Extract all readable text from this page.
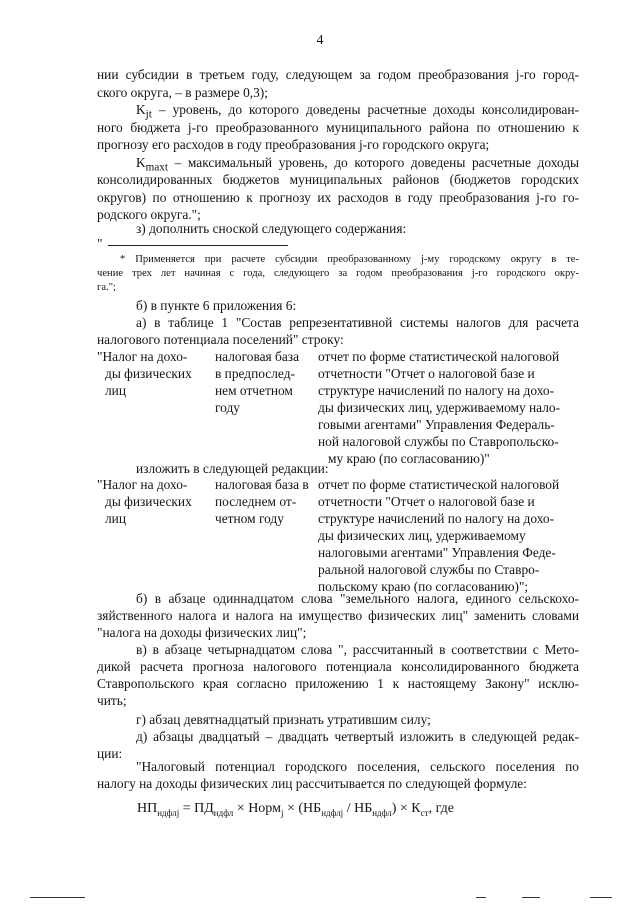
4
нии субсидии в третьем году, следующем за годом преобразования j-го город-
ского округа, – в размере 0,3);
$K_{jt}$ – уровень, до которого доведены расчетные доходы консолидирован-
ного бюджета j-го преобразованного муниципального района по отношению к
прогнозу его расходов в году преобразования j-го городского округа;
$K_{maxt}$ – максимальный уровень, до которого доведены расчетные доходы
консолидированных бюджетов муниципальных районов (бюджетов городских
округов) по отношению к прогнозу их расходов в году преобразования j-го го-
родского округа.";
з) дополнить сноской следующего содержания:
"
* Применяется при расчете субсидии преобразованному j-му городскому округу в те-
чение трех лет начиная с года, следующего за годом преобразования j-го городского окру-
га.";
б) в пункте 6 приложения 6:
а) в таблице 1 "Состав репрезентативной системы налогов для расчета
налогового потенциала поселений" строку:
"Налог на дохо-
ды физических
лиц
налоговая база
в предпослед-
нем отчетном
году
отчет по форме статистической налоговой
отчетности "Отчет о налоговой базе и
структуре начислений по налогу на дохо-
ды физических лиц, удерживаемому нало-
говыми агентами" Управления Федераль-
ной налоговой службы по Ставропольско-
му краю (по согласованию)"
изложить в следующей редакции:
"Налог на дохо-
ды физических
лиц
налоговая база в
последнем от-
четном году
отчет по форме статистической налоговой
отчетности "Отчет о налоговой базе и
структуре начислений по налогу на дохо-
ды физических лиц, удерживаемому
налоговыми агентами" Управления Феде-
ральной налоговой службы по Ставро-
польскому краю (по согласованию)";
б) в абзаце одиннадцатом слова "земельного налога, единого сельскохо-
зяйственного налога и налога на имущество физических лиц" заменить словами
"налога на доходы физических лиц";
в) в абзаце четырнадцатом слова ", рассчитанный в соответствии с Мето-
дикой расчета прогноза налогового потенциала консолидированного бюджета
Ставропольского края согласно приложению 1 к настоящему Закону" исклю-
чить;
г) абзац девятнадцатый признать утратившим силу;
д) абзацы двадцатый – двадцать четвертый изложить в следующей редак-
ции:
"Налоговый потенциал городского поселения, сельского поселения по
налогу на доходы физических лиц рассчитывается по следующей формуле:
$НП_{ндфлj} = ПД_{ндфл}$ × Норм$_j$ × $(НБ_{ндфлj} / НБ_{ндфл}) \times К_{ст}$, где
